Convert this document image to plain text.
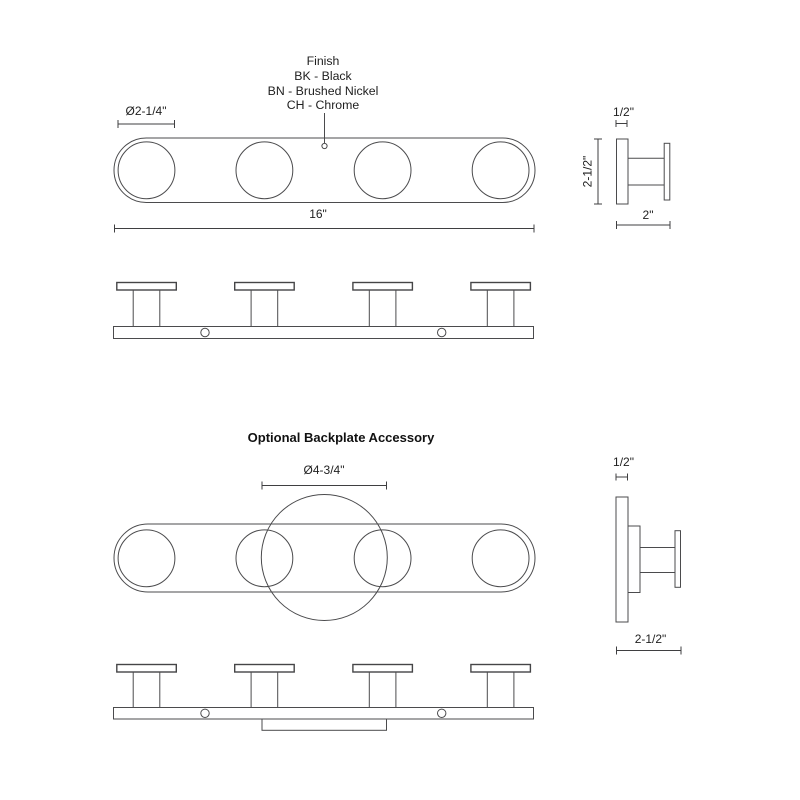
Finish
BK - Black
BN - Brushed Nickel
CH - Chrome
Ø2-1/4"
16"
1/2"
2-1/2"
2"
Optional Backplate Accessory
Ø4-3/4"
1/2"
2-1/2"
